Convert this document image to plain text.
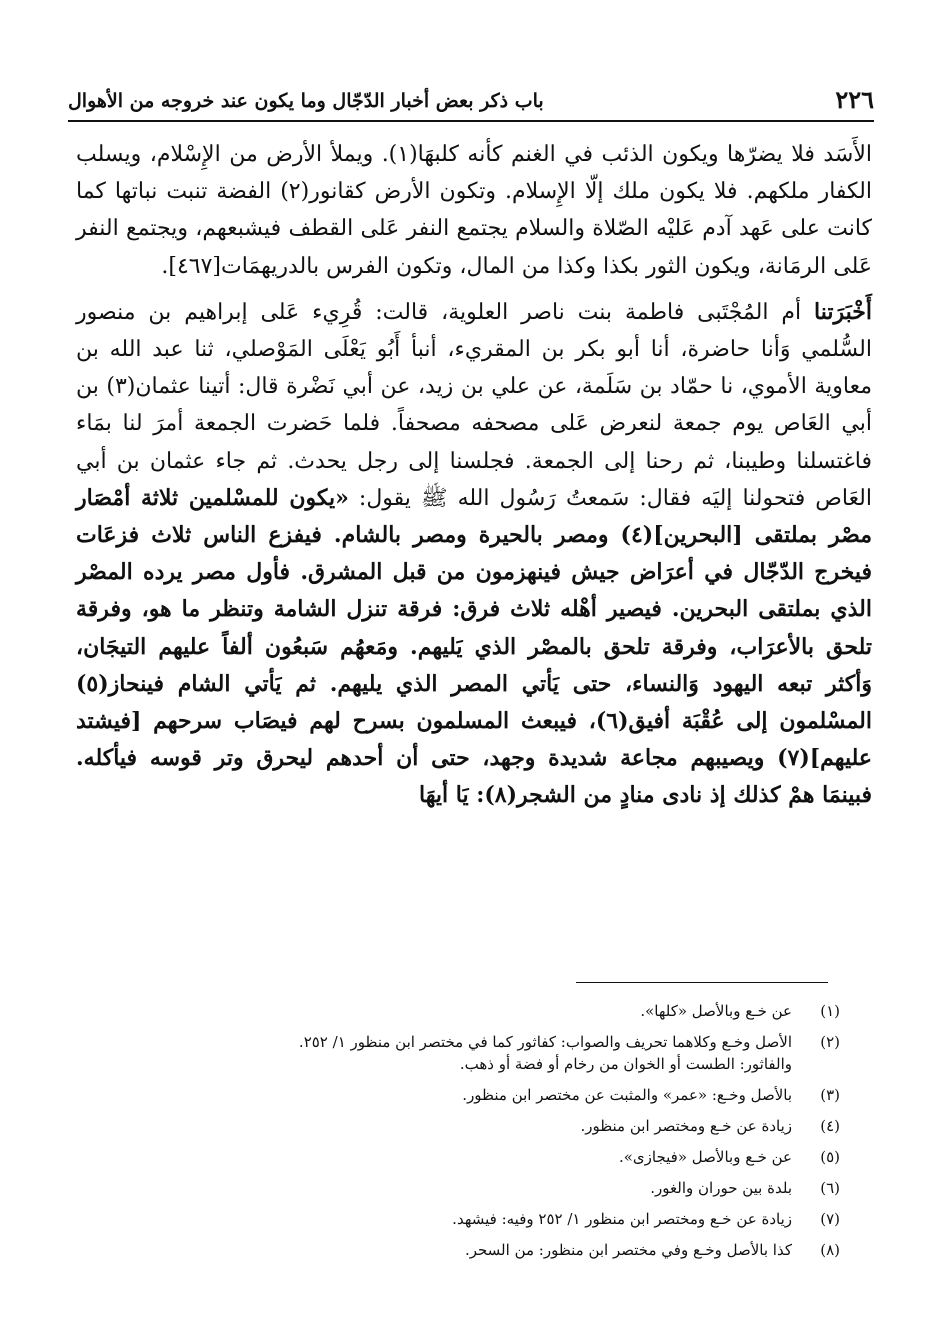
٢٢٦
باب ذكر بعض أخبار الدّجّال وما يكون عند خروجه من الأهوال

الأَسَد فلا يضرّها ويكون الذئب في الغنم كأنه كلبهَا(١). ويملأ الأرض من الإِسْلام، ويسلب الكفار ملكهم. فلا يكون ملك إلّا الإِسلام. وتكون الأرض كقانور(٢) الفضة تنبت نباتها كما كانت على عَهد آدم عَليْه الصّلاة والسلام يجتمع النفر عَلى القطف فيشبعهم، ويجتمع النفر عَلى الرمَانة، ويكون الثور بكذا وكذا من المال، وتكون الفرس بالدريهمَات[٤٦٧].

أَخْبَرَتنا أم المُجْتَبى فاطمة بنت ناصر العلوية، قالت: قُرِيء عَلى إبراهيم بن منصور السُّلمي وَأنا حاضرة، أنا أبو بكر بن المقريء، أنبأ أَبُو يَعْلَى المَوْصلي، ثنا عبد الله بن معاوية الأموي، نا حمّاد بن سَلَمة، عن علي بن زيد، عن أبي نَضْرة قال: أتينا عثمان(٣) بن أبي العَاص يوم جمعة لنعرض عَلى مصحفه مصحفاً. فلما حَضرت الجمعة أمرَ لنا بمَاء فاغتسلنا وطيبنا، ثم رحنا إلى الجمعة. فجلسنا إلى رجل يحدث. ثم جاء عثمان بن أبي العَاص فتحولنا إليَه فقال: سَمعتُ رَسُول الله ﷺ يقول: «يكون للمسْلمين ثلاثة أمْصَار مصْر بملتقى [البحرين](٤) ومصر بالحيرة ومصر بالشام. فيفزع الناس ثلاث فزعَات فيخرج الدّجّال في أعرَاض جيش فينهزمون من قبل المشرق. فأول مصر يرده المصْر الذي بملتقى البحرين. فيصير أهْله ثلاث فرق: فرقة تنزل الشامة وتنظر ما هو، وفرقة تلحق بالأعرَاب، وفرقة تلحق بالمصْر الذي يَليهم. ومَعهُم سَبعُون ألفاً عليهم التيجَان، وَأكثر تبعه اليهود وَالنساء، حتى يَأتي المصر الذي يليهم. ثم يَأتي الشام فينحاز(٥) المسْلمون إلى عُقْبَة أفيق(٦)، فيبعث المسلمون بسرح لهم فيصَاب سرحهم [فيشتد عليهم](٧) ويصيبهم مجاعة شديدة وجهد، حتى أن أحدهم ليحرق وتر قوسه فيأكله. فبينمَا همْ كذلك إذ نادى منادٍ من الشجر(٨): يَا أيهَا

(١)
عن خـع وبالأصل «كلها».
(٢)
الأصل وخـع وكلاهما تحريف والصواب: كفاثور كما في مختصر ابن منظور ١/ ٢٥٢.
والفاثور: الطست أو الخوان من رخام أو فضة أو ذهب.
(٣)
بالأصل وخـع: «عمر» والمثبت عن مختصر ابن منظور.
(٤)
زيادة عن خـع ومختصر ابن منظور.
(٥)
عن خـع وبالأصل «فيجازى».
(٦)
بلدة بين حوران والغور.
(٧)
زيادة عن خـع ومختصر ابن منظور ١/ ٢٥٢ وفيه: فيشهد.
(٨)
كذا بالأصل وخـع وفي مختصر ابن منظور: من السحر.
